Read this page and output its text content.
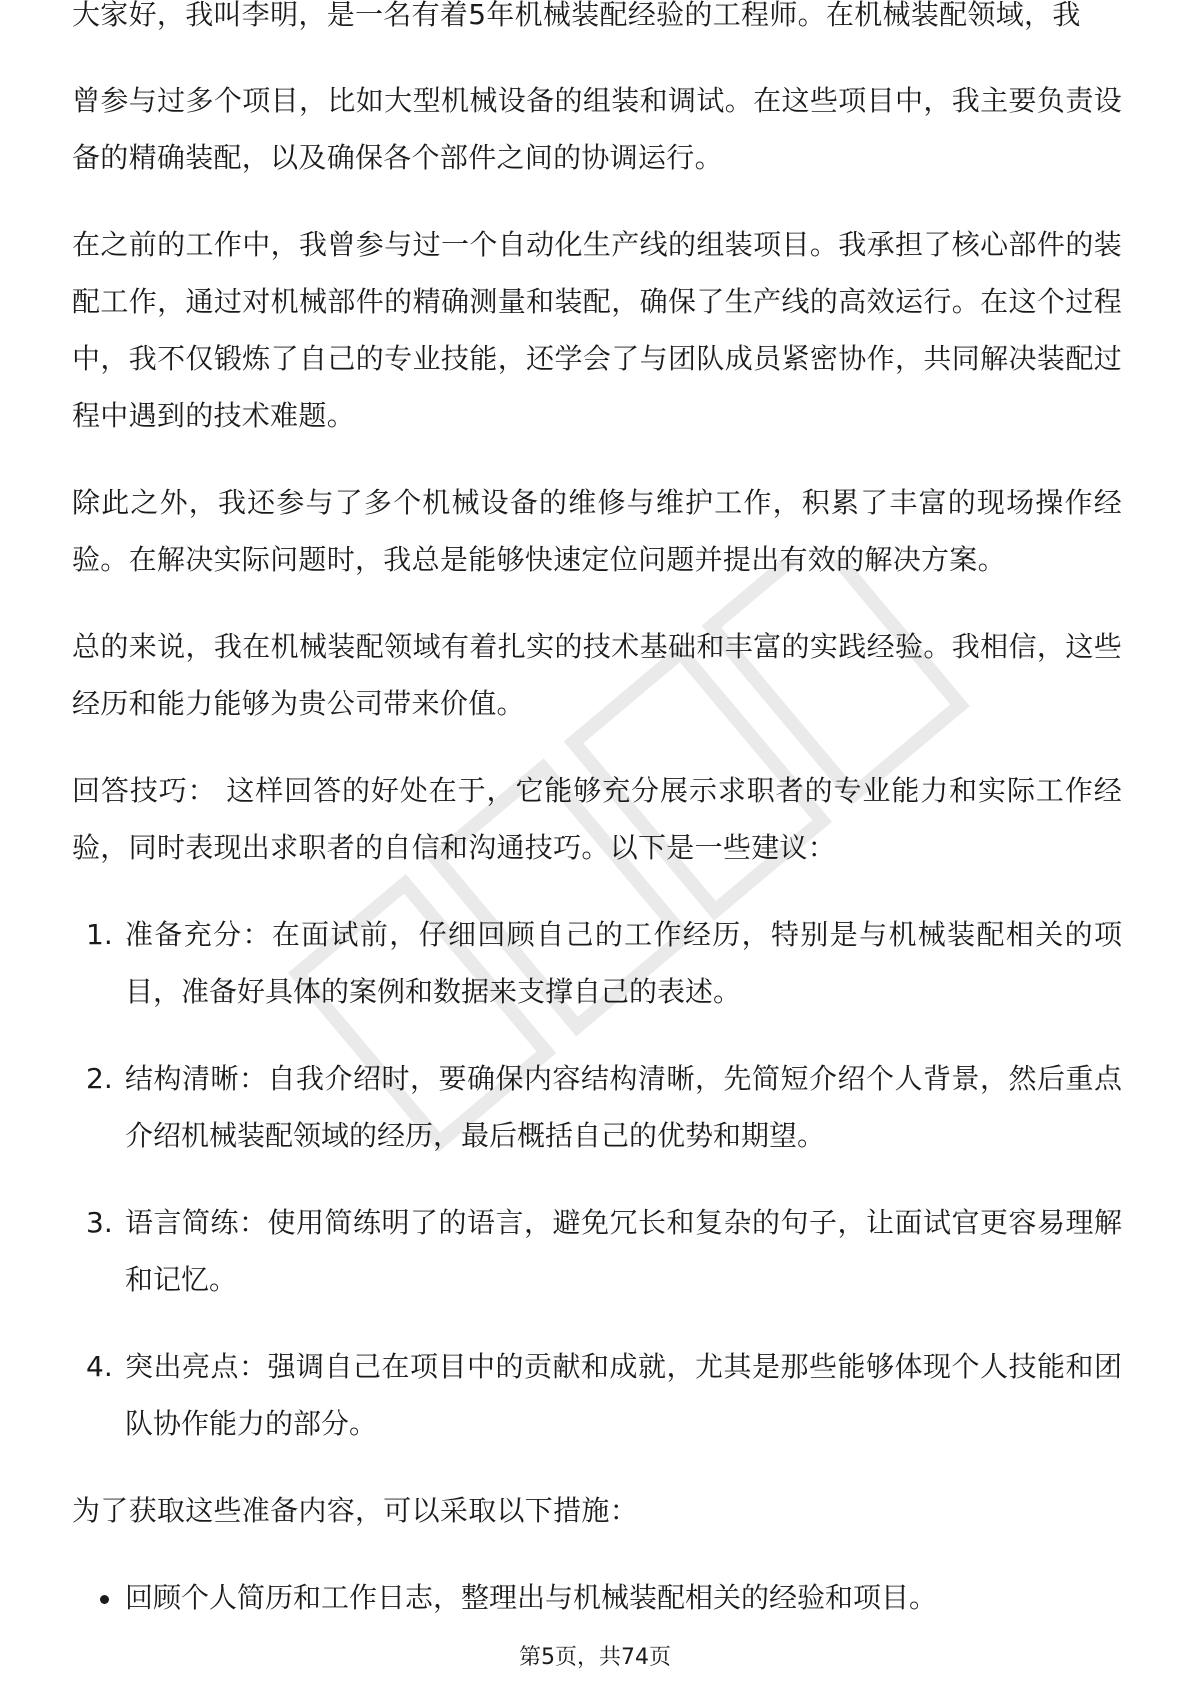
大家好，我叫李明，是一名有着5年机械装配经验的工程师。在机械装配领域，我

曾参与过多个项目，比如大型机械设备的组装和调试。在这些项目中，我主要负责设备的精确装配，以及确保各个部件之间的协调运行。

在之前的工作中，我曾参与过一个自动化生产线的组装项目。我承担了核心部件的装配工作，通过对机械部件的精确测量和装配，确保了生产线的高效运行。在这个过程中，我不仅锻炼了自己的专业技能，还学会了与团队成员紧密协作，共同解决装配过程中遇到的技术难题。

除此之外，我还参与了多个机械设备的维修与维护工作，积累了丰富的现场操作经验。在解决实际问题时，我总是能够快速定位问题并提出有效的解决方案。

总的来说，我在机械装配领域有着扎实的技术基础和丰富的实践经验。我相信，这些经历和能力能够为贵公司带来价值。

回答技巧： 这样回答的好处在于，它能够充分展示求职者的专业能力和实际工作经验，同时表现出求职者的自信和沟通技巧。以下是一些建议：

1. 准备充分：在面试前，仔细回顾自己的工作经历，特别是与机械装配相关的项目，准备好具体的案例和数据来支撑自己的表述。
2. 结构清晰：自我介绍时，要确保内容结构清晰，先简短介绍个人背景，然后重点介绍机械装配领域的经历，最后概括自己的优势和期望。
3. 语言简练：使用简练明了的语言，避免冗长和复杂的句子，让面试官更容易理解和记忆。
4. 突出亮点：强调自己在项目中的贡献和成就，尤其是那些能够体现个人技能和团队协作能力的部分。

为了获取这些准备内容，可以采取以下措施：

回顾个人简历和工作日志，整理出与机械装配相关的经验和项目。
第5页，共74页
